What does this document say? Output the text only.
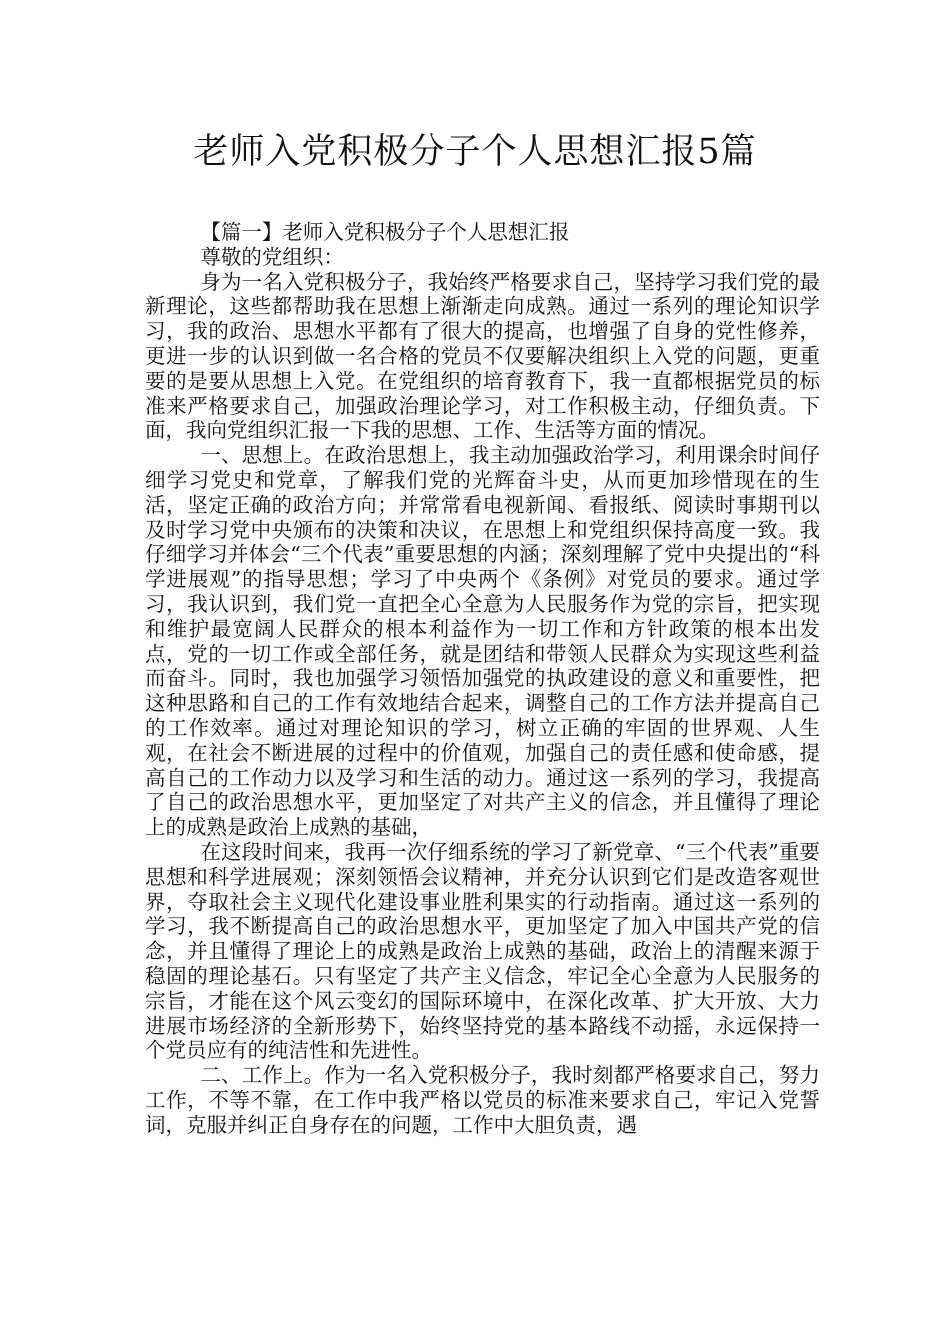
老师入党积极分子个人思想汇报5篇

【篇一】老师入党积极分子个人思想汇报

尊敬的党组织：

身为一名入党积极分子，我始终严格要求自己，坚持学习我们党的最新理论，这些都帮助我在思想上渐渐走向成熟。通过一系列的理论知识学习，我的政治、思想水平都有了很大的提高，也增强了自身的党性修养，更进一步的认识到做一名合格的党员不仅要解决组织上入党的问题，更重要的是要从思想上入党。在党组织的培育教育下，我一直都根据党员的标准来严格要求自己，加强政治理论学习，对工作积极主动，仔细负责。下面，我向党组织汇报一下我的思想、工作、生活等方面的情况。

一、思想上。在政治思想上，我主动加强政治学习，利用课余时间仔细学习党史和党章，了解我们党的光辉奋斗史，从而更加珍惜现在的生活，坚定正确的政治方向；并常常看电视新闻、看报纸、阅读时事期刊以及时学习党中央颁布的决策和决议，在思想上和党组织保持高度一致。我仔细学习并体会“三个代表”重要思想的内涵；深刻理解了党中央提出的“科学进展观”的指导思想；学习了中央两个《条例》对党员的要求。通过学习，我认识到，我们党一直把全心全意为人民服务作为党的宗旨，把实现和维护最宽阔人民群众的根本利益作为一切工作和方针政策的根本出发点，党的一切工作或全部任务，就是团结和带领人民群众为实现这些利益而奋斗。同时，我也加强学习领悟加强党的执政建设的意义和重要性，把这种思路和自己的工作有效地结合起来，调整自己的工作方法并提高自己的工作效率。通过对理论知识的学习，树立正确的牢固的世界观、人生观，在社会不断进展的过程中的价值观，加强自己的责任感和使命感，提高自己的工作动力以及学习和生活的动力。通过这一系列的学习，我提高了自己的政治思想水平，更加坚定了对共产主义的信念，并且懂得了理论上的成熟是政治上成熟的基础，

在这段时间来，我再一次仔细系统的学习了新党章、“三个代表”重要思想和科学进展观；深刻领悟会议精神，并充分认识到它们是改造客观世界，夺取社会主义现代化建设事业胜利果实的行动指南。通过这一系列的学习，我不断提高自己的政治思想水平，更加坚定了加入中国共产党的信念，并且懂得了理论上的成熟是政治上成熟的基础，政治上的清醒来源于稳固的理论基石。只有坚定了共产主义信念，牢记全心全意为人民服务的宗旨，才能在这个风云变幻的国际环境中，在深化改革、扩大开放、大力进展市场经济的全新形势下，始终坚持党的基本路线不动摇，永远保持一个党员应有的纯洁性和先进性。

二、工作上。作为一名入党积极分子，我时刻都严格要求自己，努力工作，不等不靠，在工作中我严格以党员的标准来要求自己，牢记入党誓词，克服并纠正自身存在的问题，工作中大胆负责，遇
